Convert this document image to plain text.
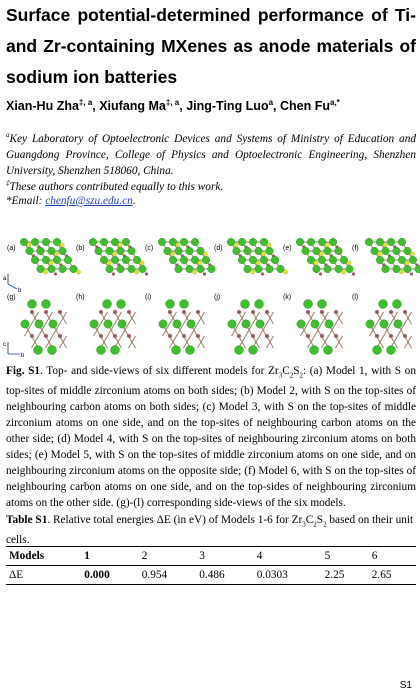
Surface potential-determined performance of Ti- and Zr-containing MXenes as anode materials of sodium ion batteries
Xian-Hu Zha$^{\ddagger, a}$, Xiufang $Ma^{\ddagger, a}$, Jing-Ting Luo$^a$, Chen $Fu^{a,*}$
$^a$Key Laboratory of Optoelectronic Devices and Systems of Ministry of Education and Guangdong Province, College of Physics and Optoelectronic Engineering, Shenzhen University, Shenzhen 518060, China.
‡These authors contributed equally to this work.
*Email: chenfu@szu.edu.cn.
(a)	(b)	(c)	(d)	(e)	(f)
a
b
(g)	(h)	(i)	(j)	(k)	(l)
c
b
Fig. S1. Top- and side-views of six different models for $Zr_3C_2S_2$: (a) Model 1, with S on top-sites of middle zirconium atoms on both sides; (b) Model 2, with S on the top-sites of neighbouring carbon atoms on both sides; (c) Model 3, with S on the top-sites of middle zirconium atoms on one side, and on the top-sites of neighbouring carbon atoms on the other side; (d) Model 4, with S on the top-sites of neighbouring zirconium atoms on both sides; (e) Model 5, with S on the top-sites of middle zirconium atoms on one side, and on neighbouring zirconium atoms on the opposite side; (f) Model 6, with S on the top-sites of neighbouring carbon atoms on one side, and on the top-sides of neighbouring zirconium atoms on the other side. (g)-(l) corresponding side-views of the six models.
Table S1. Relative total energies ΔE (in eV) of Models 1-6 for $Zr_3C_2S_2$ based on their unit cells.
Models	1	2	3	4	5	6
ΔE	0.000	0.954	0.486	0.0303	2.25	2.65
S1
